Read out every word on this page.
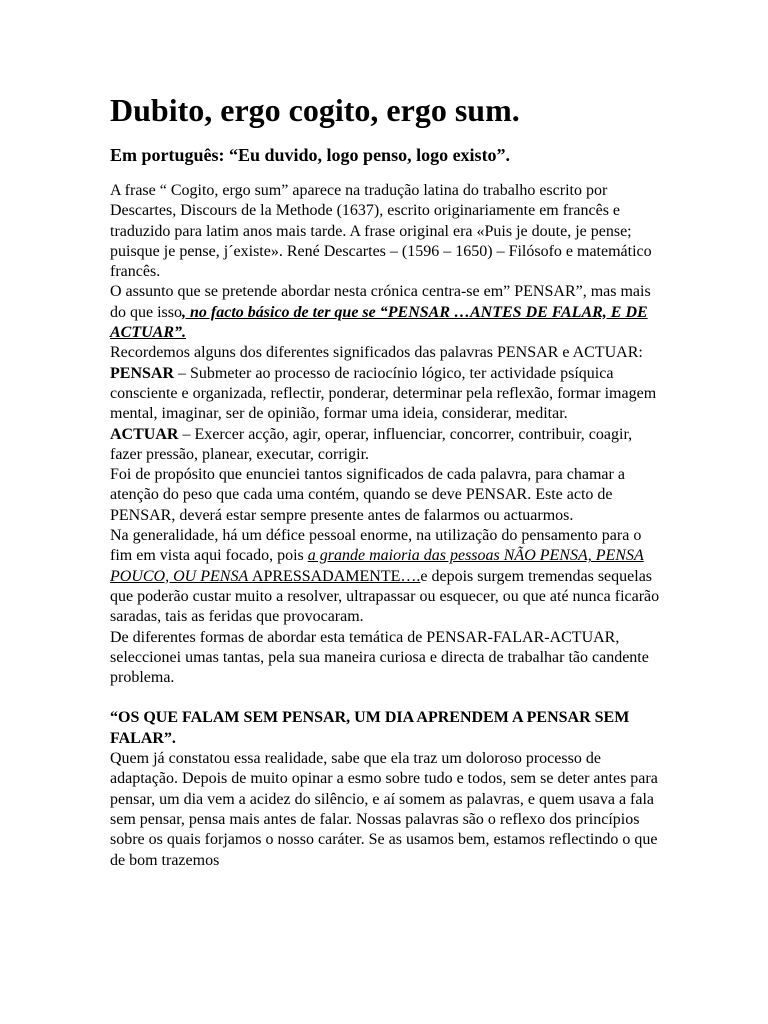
Dubito, ergo cogito, ergo sum.
Em português: “Eu duvido, logo penso, logo existo”.

A frase “ Cogito, ergo sum” aparece na tradução latina do trabalho escrito por Descartes, Discours de la Methode (1637), escrito originariamente em francês e traduzido para latim anos mais tarde. A frase original era «Puis je doute, je pense; puisque je pense, j´existe». René Descartes – (1596 – 1650) – Filósofo e matemático francês.

O assunto que se pretende abordar nesta crónica centra-se em” PENSAR”, mas mais do que isso, no facto básico de ter que se “PENSAR …ANTES DE FALAR, E DE ACTUAR”.

Recordemos alguns dos diferentes significados das palavras PENSAR e ACTUAR:

PENSAR – Submeter ao processo de raciocínio lógico, ter actividade psíquica consciente e organizada, reflectir, ponderar, determinar pela reflexão, formar imagem mental, imaginar, ser de opinião, formar uma ideia, considerar, meditar.

ACTUAR – Exercer acção, agir, operar, influenciar, concorrer, contribuir, coagir, fazer pressão, planear, executar, corrigir.

Foi de propósito que enunciei tantos significados de cada palavra, para chamar a atenção do peso que cada uma contém, quando se deve PENSAR. Este acto de PENSAR, deverá estar sempre presente antes de falarmos ou actuarmos.

Na generalidade, há um défice pessoal enorme, na utilização do pensamento para o fim em vista aqui focado, pois a grande maioria das pessoas NÃO PENSA, PENSA POUCO, OU PENSA APRESSADAMENTE….e depois surgem tremendas sequelas que poderão custar muito a resolver, ultrapassar ou esquecer, ou que até nunca ficarão saradas, tais as feridas que provocaram.

De diferentes formas de abordar esta temática de PENSAR-FALAR-ACTUAR, seleccionei umas tantas, pela sua maneira curiosa e directa de trabalhar tão candente problema.

“OS QUE FALAM SEM PENSAR, UM DIA APRENDEM A PENSAR SEM FALAR”.

Quem já constatou essa realidade, sabe que ela traz um doloroso processo de adaptação. Depois de muito opinar a esmo sobre tudo e todos, sem se deter antes para pensar, um dia vem a acidez do silêncio, e aí somem as palavras, e quem usava a fala sem pensar, pensa mais antes de falar. Nossas palavras são o reflexo dos princípios sobre os quais forjamos o nosso caráter. Se as usamos bem, estamos reflectindo o que de bom trazemos
